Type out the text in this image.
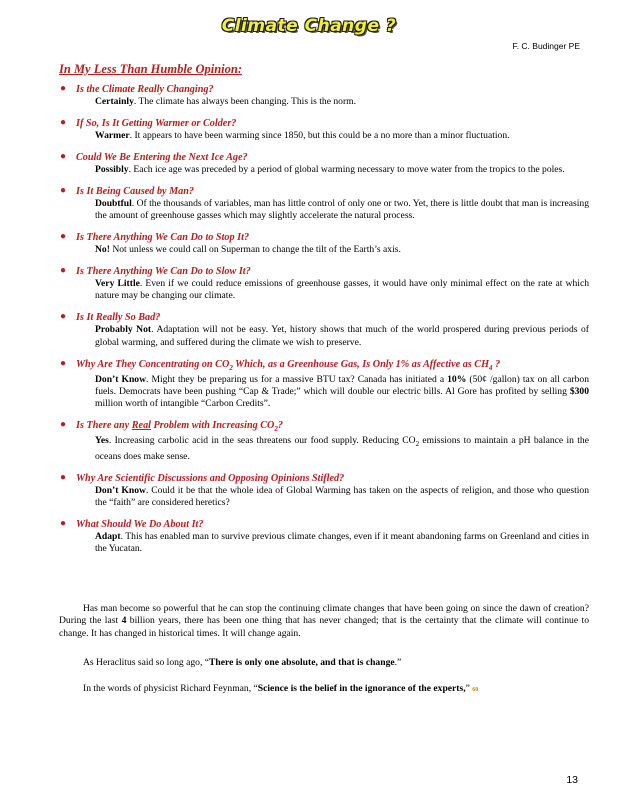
Climate Change ?
F. C. Budinger PE
In My Less Than Humble Opinion:
● Is the Climate Really Changing?
Certainly. The climate has always been changing. This is the norm.
● If So, Is It Getting Warmer or Colder?
Warmer. It appears to have been warming since 1850, but this could be a no more than a minor fluctuation.
● Could We Be Entering the Next Ice Age?
Possibly. Each ice age was preceded by a period of global warming necessary to move water from the tropics to the poles.
● Is It Being Caused by Man?
Doubtful. Of the thousands of variables, man has little control of only one or two. Yet, there is little doubt that man is increasing the amount of greenhouse gasses which may slightly accelerate the natural process.
● Is There Anything We Can Do to Stop It?
No! Not unless we could call on Superman to change the tilt of the Earth’s axis.
● Is There Anything We Can Do to Slow It?
Very Little. Even if we could reduce emissions of greenhouse gasses, it would have only minimal effect on the rate at which nature may be changing our climate.
● Is It Really So Bad?
Probably Not. Adaptation will not be easy. Yet, history shows that much of the world prospered during previous periods of global warming, and suffered during the climate we wish to preserve.
● Why Are They Concentrating on $CO_2$ Which, as a Greenhouse Gas, Is Only 1% as Affective as $CH_4$ ?
Don’t Know. Might they be preparing us for a massive BTU tax? Canada has initiated a 10% (50¢ /gallon) tax on all carbon fuels. Democrats have been pushing “Cap & Trade;” which will double our electric bills. Al Gore has profited by selling $300 million worth of intangible “Carbon Credits”.
● Is There any Real Problem with Increasing $CO_2$?
Yes. Increasing carbolic acid in the seas threatens our food supply. Reducing $CO_2$ emissions to maintain a pH balance in the oceans does make sense.
● Why Are Scientific Discussions and Opposing Opinions Stifled?
Don’t Know. Could it be that the whole idea of Global Warming has taken on the aspects of religion, and those who question the “faith” are considered heretics?
● What Should We Do About It?
Adapt. This has enabled man to survive previous climate changes, even if it meant abandoning farms on Greenland and cities in the Yucatan.
Has man become so powerful that he can stop the continuing climate changes that have been going on since the dawn of creation? During the last 4 billion years, there has been one thing that has never changed; that is the certainty that the climate will continue to change. It has changed in historical times. It will change again.
As Heraclitus said so long ago, “There is only one absolute, and that is change.”
In the words of physicist Richard Feynman, “Science is the belief in the ignorance of the experts,” 60
13
